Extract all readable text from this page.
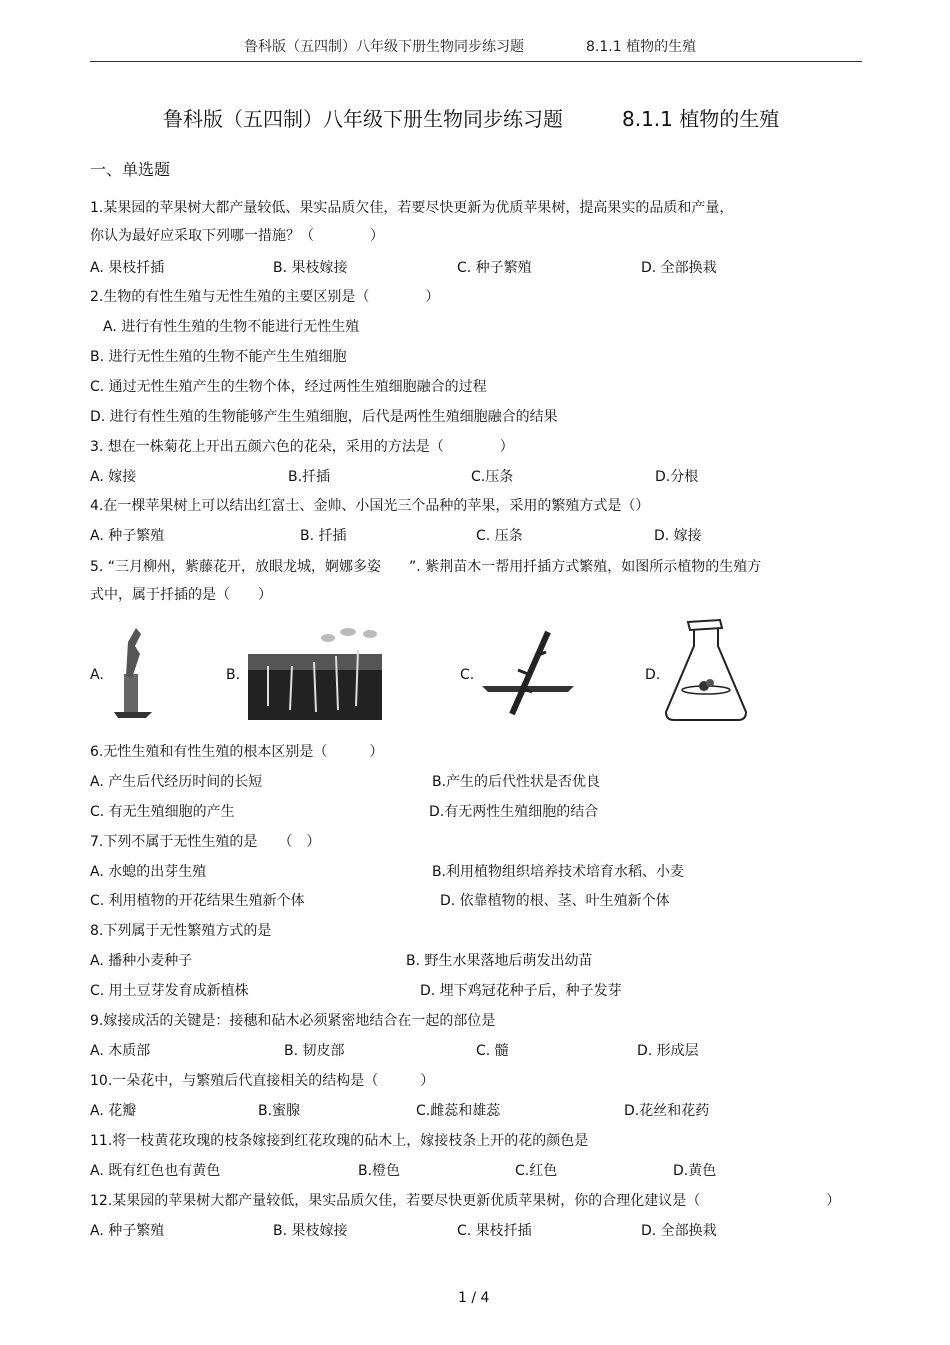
鲁科版（五四制）八年级下册生物同步练习题	8.1.1 植物的生殖
鲁科版（五四制）八年级下册生物同步练习题	8.1.1 植物的生殖
一、单选题
1.某果园的苹果树大都产量较低、果实品质欠佳，若要尽快更新为优质苹果树，提高果实的品质和产量，
你认为最好应采取下列哪一措施？（　　　　）
A. 果枝扦插	B. 果枝嫁接	C. 种子繁殖	D. 全部换栽
2.生物的有性生殖与无性生殖的主要区别是（　　　　）
A. 进行有性生殖的生物不能进行无性生殖
B. 进行无性生殖的生物不能产生生殖细胞
C. 通过无性生殖产生的生物个体，经过两性生殖细胞融合的过程
D. 进行有性生殖的生物能够产生生殖细胞，后代是两性生殖细胞融合的结果
3. 想在一株菊花上开出五颜六色的花朵，采用的方法是（　　　　）
A. 嫁接	B.扦插	C.压条	D.分根
4.在一棵苹果树上可以结出红富士、金帅、小国光三个品种的苹果，采用的繁殖方式是（）
A. 种子繁殖	B. 扦插	C. 压条	D. 嫁接
5. “三月柳州，紫藤花开，放眼龙城，婀娜多姿　　”. 紫荆苗木一帮用扦插方式繁殖，如图所示植物的生殖方
式中，属于扦插的是（　　）
A.	B.	C.	D.
6.无性生殖和有性生殖的根本区别是（　　　）
A. 产生后代经历时间的长短	B.产生的后代性状是否优良
C. 有无生殖细胞的产生	D.有无两性生殖细胞的结合
7.下列不属于无性生殖的是　　（　）
A. 水螅的出芽生殖	B.利用植物组织培养技术培育水稻、小麦
C. 利用植物的开花结果生殖新个体	D. 依靠植物的根、茎、叶生殖新个体
8.下列属于无性繁殖方式的是
A. 播种小麦种子	B. 野生水果落地后萌发出幼苗
C. 用土豆芽发育成新植株	D. 埋下鸡冠花种子后，种子发芽
9.嫁接成活的关键是：接穗和砧木必须紧密地结合在一起的部位是
A. 木质部	B. 韧皮部	C. 髓	D. 形成层
10.一朵花中，与繁殖后代直接相关的结构是（　　　）
A. 花瓣	B.蜜腺	C.雌蕊和雄蕊	D.花丝和花药
11.将一枝黄花玫瑰的枝条嫁接到红花玫瑰的砧木上，嫁接枝条上开的花的颜色是
A. 既有红色也有黄色	B.橙色	C.红色	D.黄色
12.某果园的苹果树大都产量较低，果实品质欠佳，若要尽快更新优质苹果树，你的合理化建议是（　　　　　　　　　）
A. 种子繁殖	B. 果枝嫁接	C. 果枝扦插	D. 全部换栽
1 / 4
